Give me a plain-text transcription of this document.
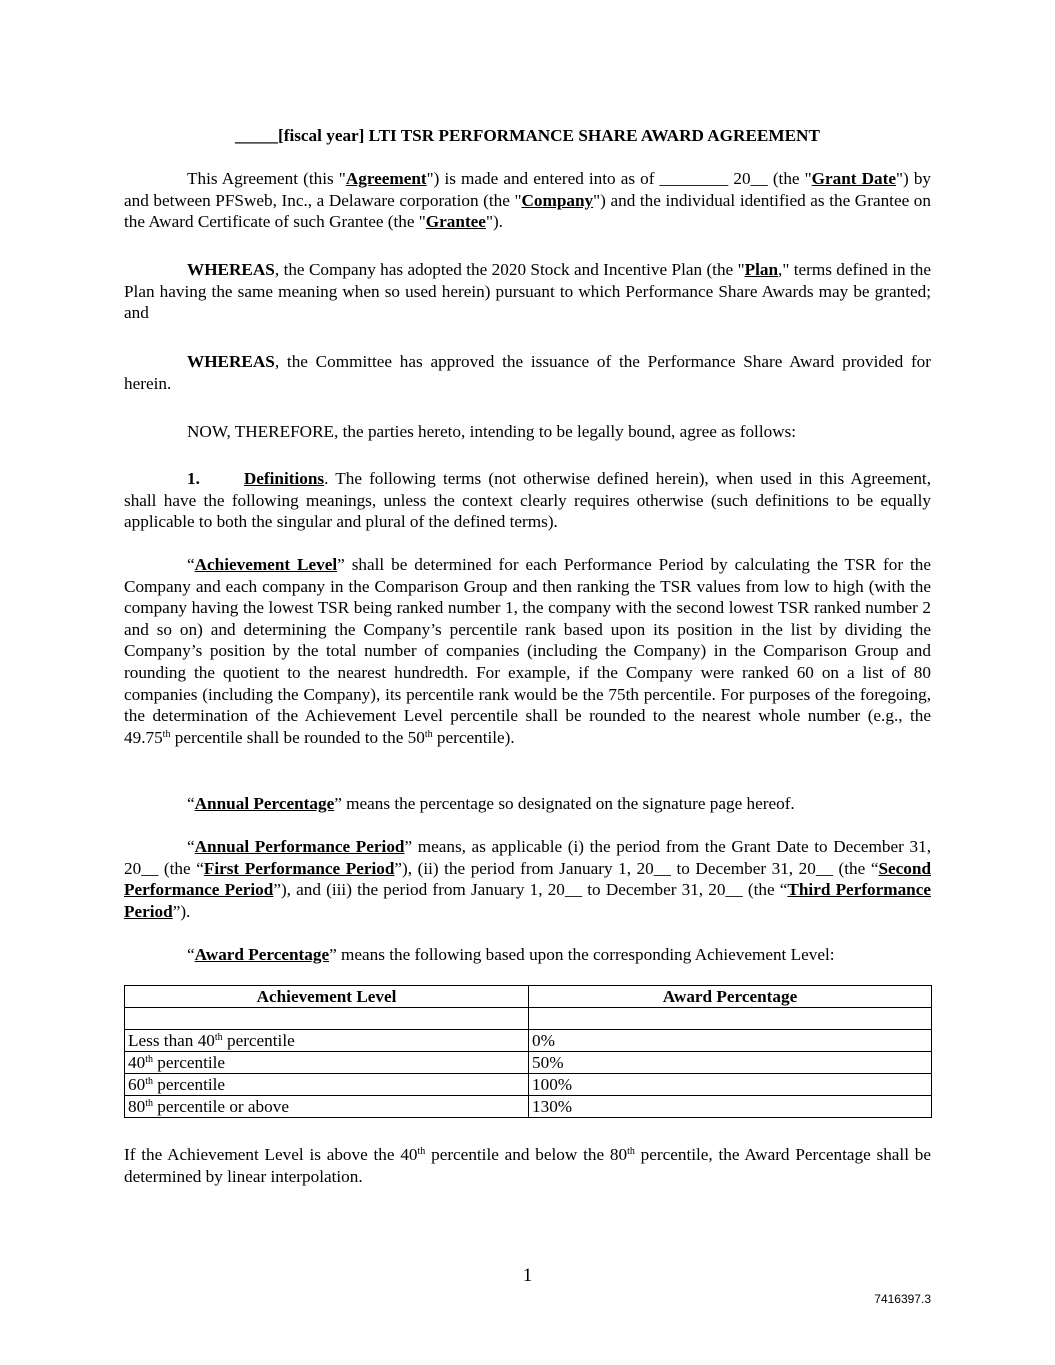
_____[fiscal year] LTI TSR PERFORMANCE SHARE AWARD AGREEMENT

This Agreement (this "Agreement") is made and entered into as of ________ 20__ (the "Grant Date") by and between PFSweb, Inc., a Delaware corporation (the "Company") and the individual identified as the Grantee on the Award Certificate of such Grantee (the "Grantee").

WHEREAS, the Company has adopted the 2020 Stock and Incentive Plan (the "Plan," terms defined in the Plan having the same meaning when so used herein) pursuant to which Performance Share Awards may be granted; and

WHEREAS, the Committee has approved the issuance of the Performance Share Award provided for herein.

NOW, THEREFORE, the parties hereto, intending to be legally bound, agree as follows:

1.	Definitions. The following terms (not otherwise defined herein), when used in this Agreement, shall have the following meanings, unless the context clearly requires otherwise (such definitions to be equally applicable to both the singular and plural of the defined terms).

“Achievement Level” shall be determined for each Performance Period by calculating the TSR for the Company and each company in the Comparison Group and then ranking the TSR values from low to high (with the company having the lowest TSR being ranked number 1, the company with the second lowest TSR ranked number 2 and so on) and determining the Company’s percentile rank based upon its position in the list by dividing the Company’s position by the total number of companies (including the Company) in the Comparison Group and rounding the quotient to the nearest hundredth. For example, if the Company were ranked 60 on a list of 80 companies (including the Company), its percentile rank would be the 75th percentile. For purposes of the foregoing, the determination of the Achievement Level percentile shall be rounded to the nearest whole number (e.g., the 49.75th percentile shall be rounded to the 50th percentile).

“Annual Percentage” means the percentage so designated on the signature page hereof.

“Annual Performance Period” means, as applicable (i) the period from the Grant Date to December 31, 20__ (the “First Performance Period”), (ii) the period from January 1, 20__ to December 31, 20__ (the “Second Performance Period”), and (iii) the period from January 1, 20__ to December 31, 20__ (the “Third Performance Period”).

“Award Percentage” means the following based upon the corresponding Achievement Level:

Achievement Level	Award Percentage

Less than 40th percentile	0%
40th percentile	50%
60th percentile	100%
80th percentile or above	130%

If the Achievement Level is above the 40th percentile and below the 80th percentile, the Award Percentage shall be determined by linear interpolation.

1
7416397.3
